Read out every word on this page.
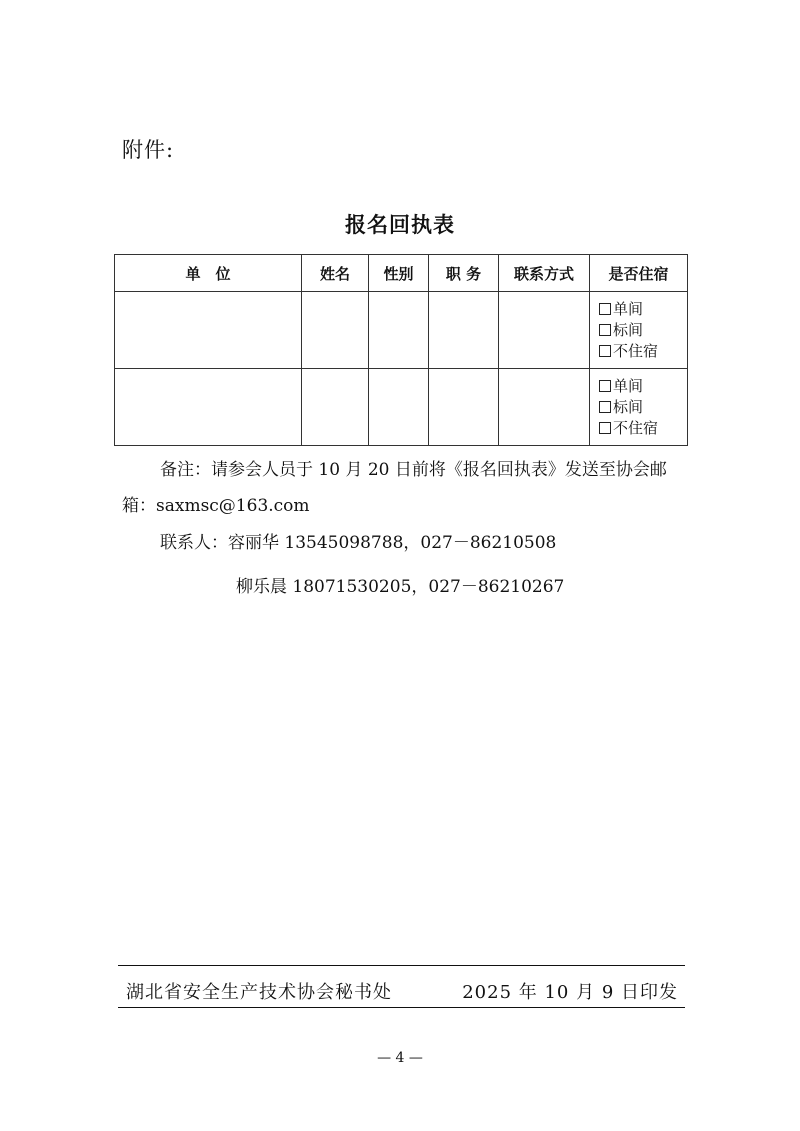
附件:
报名回执表
单　位	姓名	性别	职 务	联系方式	是否住宿

					单间
标间
不住宿

					单间
标间
不住宿
备注：请参会人员于 10 月 20 日前将《报名回执表》发送至协会邮箱：saxmsc@163.com
联系人：容丽华 13545098788，027－86210508
柳乐晨 18071530205，027－86210267
湖北省安全生产技术协会秘书处	2025 年 10 月 9 日印发
— 4 —
